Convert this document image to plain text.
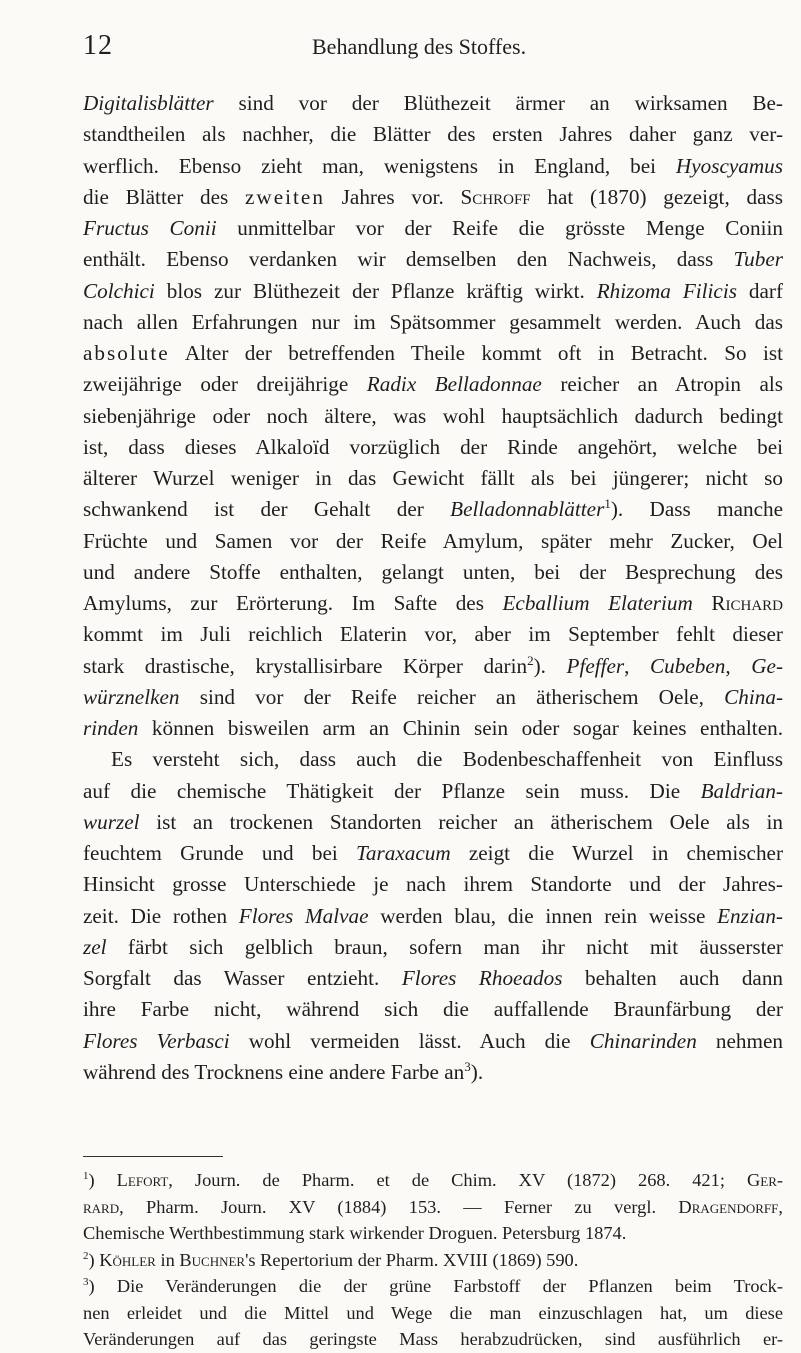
12	Behandlung des Stoffes.
Digitalisblätter sind vor der Blüthezeit ärmer an wirksamen Be-
standtheilen als nachher, die Blätter des ersten Jahres daher ganz ver-
werflich. Ebenso zieht man, wenigstens in England, bei Hyoscyamus
die Blätter des zweiten Jahres vor. Schroff hat (1870) gezeigt, dass
Fructus Conii unmittelbar vor der Reife die grösste Menge Coniin
enthält. Ebenso verdanken wir demselben den Nachweis, dass Tuber
Colchici blos zur Blüthezeit der Pflanze kräftig wirkt. Rhizoma Filicis darf
nach allen Erfahrungen nur im Spätsommer gesammelt werden. Auch das
absolute Alter der betreffenden Theile kommt oft in Betracht. So ist
zweijährige oder dreijährige Radix Belladonnae reicher an Atropin als
siebenjährige oder noch ältere, was wohl hauptsächlich dadurch bedingt
ist, dass dieses Alkaloïd vorzüglich der Rinde angehört, welche bei
älterer Wurzel weniger in das Gewicht fällt als bei jüngerer; nicht so
schwankend ist der Gehalt der Belladonnablätter$^1$). Dass manche
Früchte und Samen vor der Reife Amylum, später mehr Zucker, Oel
und andere Stoffe enthalten, gelangt unten, bei der Besprechung des
Amylums, zur Erörterung. Im Safte des Ecballium Elaterium Richard
kommt im Juli reichlich Elaterin vor, aber im September fehlt dieser
stark drastische, krystallisirbare Körper darin$^2$). Pfeffer, Cubeben, Ge-
würznelken sind vor der Reife reicher an ätherischem Oele, China-
rinden können bisweilen arm an Chinin sein oder sogar keines enthalten.
Es versteht sich, dass auch die Bodenbeschaffenheit von Einfluss
auf die chemische Thätigkeit der Pflanze sein muss. Die Baldrian-
wurzel ist an trockenen Standorten reicher an ätherischem Oele als in
feuchtem Grunde und bei Taraxacum zeigt die Wurzel in chemischer
Hinsicht grosse Unterschiede je nach ihrem Standorte und der Jahres-
zeit. Die rothen Flores Malvae werden blau, die innen rein weisse Enzian-
zel färbt sich gelblich braun, sofern man ihr nicht mit äusserster
Sorgfalt das Wasser entzieht. Flores Rhoeados behalten auch dann
ihre Farbe nicht, während sich die auffallende Braunfärbung der
Flores Verbasci wohl vermeiden lässt. Auch die Chinarinden nehmen
während des Trocknens eine andere Farbe $an^3$).
$^1$) Lefort, Journ. de Pharm. et de Chim. XV (1872) 268. 421; Ger-
rard, Pharm. Journ. XV (1884) 153. — Ferner zu vergl. Dragendorff,
Chemische Werthbestimmung stark wirkender Droguen. Petersburg 1874.
$^2$) Köhler in Buchner's Repertorium der Pharm. XVIII (1869) 590.
$^3$) Die Veränderungen die der grüne Farbstoff der Pflanzen beim Trock-
nen erleidet und die Mittel und Wege die man einzuschlagen hat, um diese
Veränderungen auf das geringste Mass herabzudrücken, sind ausführlich er-
